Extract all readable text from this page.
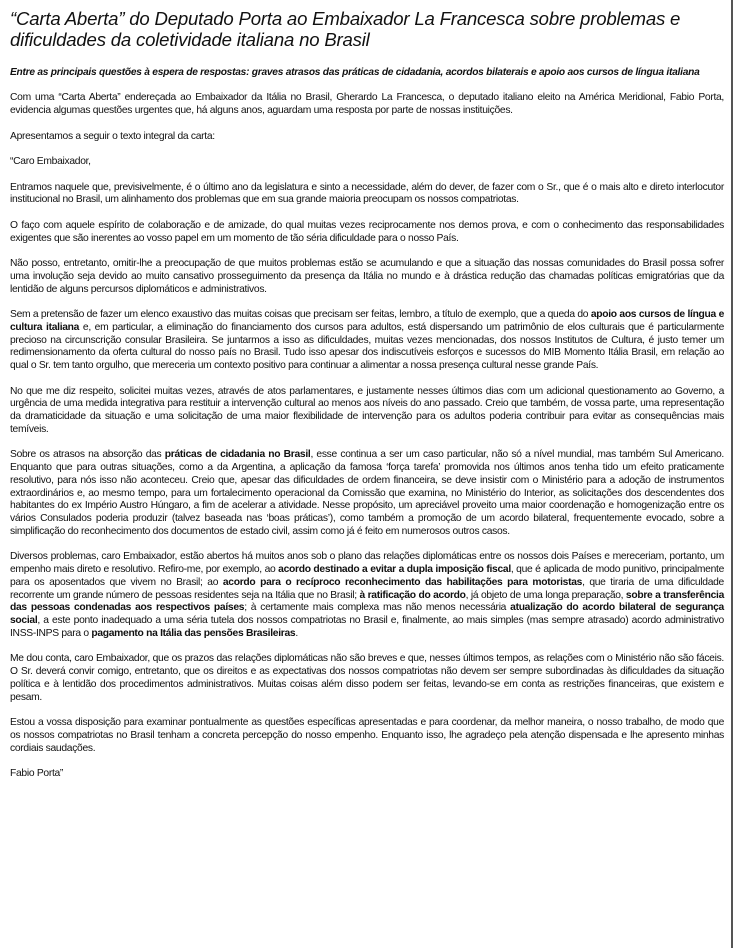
“Carta Aberta” do Deputado Porta ao Embaixador La Francesca sobre problemas e dificuldades da coletividade italiana no Brasil
Entre as principais questões à espera de respostas: graves atrasos das práticas de cidadania, acordos bilaterais e apoio aos cursos de língua italiana

Com uma “Carta Aberta” endereçada ao Embaixador da Itália no Brasil, Gherardo La Francesca, o deputado italiano eleito na América Meridional, Fabio Porta, evidencia algumas questões urgentes que, há alguns anos, aguardam uma resposta por parte de nossas instituições.

Apresentamos a seguir o texto integral da carta:

“Caro Embaixador,

Entramos naquele que, previsivelmente, é o último ano da legislatura e sinto a necessidade, além do dever, de fazer com o Sr., que é o mais alto e direto interlocutor institucional no Brasil, um alinhamento dos problemas que em sua grande maioria preocupam os nossos compatriotas.

O faço com aquele espírito de colaboração e de amizade, do qual muitas vezes reciprocamente nos demos prova, e com o conhecimento das responsabilidades exigentes que são inerentes ao vosso papel em um momento de tão séria dificuldade para o nosso País.

Não posso, entretanto, omitir-lhe a preocupação de que muitos problemas estão se acumulando e que a situação das nossas comunidades do Brasil possa sofrer uma involução seja devido ao muito cansativo prosseguimento da presença da Itália no mundo e à drástica redução das chamadas políticas emigratórias que da lentidão de alguns percursos diplomáticos e administrativos.

Sem a pretensão de fazer um elenco exaustivo das muitas coisas que precisam ser feitas, lembro, a título de exemplo, que a queda do apoio aos cursos de língua e cultura italiana e, em particular, a eliminação do financiamento dos cursos para adultos, está dispersando um patrimônio de elos culturais que é particularmente precioso na circunscrição consular Brasileira. Se juntarmos a isso as dificuldades, muitas vezes mencionadas, dos nossos Institutos de Cultura, é justo temer um redimensionamento da oferta cultural do nosso país no Brasil. Tudo isso apesar dos indiscutíveis esforços e sucessos do MIB Momento Itália Brasil, em relação ao qual o Sr. tem tanto orgulho, que mereceria um contexto positivo para continuar a alimentar a nossa presença cultural nesse grande País.

No que me diz respeito, solicitei muitas vezes, através de atos parlamentares, e justamente nesses últimos dias com um adicional questionamento ao Governo, a urgência de uma medida integrativa para restituir a intervenção cultural ao menos aos níveis do ano passado. Creio que também, de vossa parte, uma representação da dramaticidade da situação e uma solicitação de uma maior flexibilidade de intervenção para os adultos poderia contribuir para evitar as consequências mais temíveis.

Sobre os atrasos na absorção das práticas de cidadania no Brasil, esse continua a ser um caso particular, não só a nível mundial, mas também Sul Americano. Enquanto que para outras situações, como a da Argentina, a aplicação da famosa ‘força tarefa’ promovida nos últimos anos tenha tido um efeito praticamente resolutivo, para nós isso não aconteceu. Creio que, apesar das dificuldades de ordem financeira, se deve insistir com o Ministério para a adoção de instrumentos extraordinários e, ao mesmo tempo, para um fortalecimento operacional da Comissão que examina, no Ministério do Interior, as solicitações dos descendentes dos habitantes do ex Império Austro Húngaro, a fim de acelerar a atividade. Nesse propósito, um apreciável proveito uma maior coordenação e homogenização entre os vários Consulados poderia produzir (talvez baseada nas ‘boas práticas’), como também a promoção de um acordo bilateral, frequentemente evocado, sobre a simplificação do reconhecimento dos documentos de estado civil, assim como já é feito em numerosos outros casos.

Diversos problemas, caro Embaixador, estão abertos há muitos anos sob o plano das relações diplomáticas entre os nossos dois Países e mereceriam, portanto, um empenho mais direto e resolutivo. Refiro-me, por exemplo, ao acordo destinado a evitar a dupla imposição fiscal, que é aplicada de modo punitivo, principalmente para os aposentados que vivem no Brasil; ao acordo para o recíproco reconhecimento das habilitações para motoristas, que tiraria de uma dificuldade recorrente um grande número de pessoas residentes seja na Itália que no Brasil; à ratificação do acordo, já objeto de uma longa preparação, sobre a transferência das pessoas condenadas aos respectivos países; à certamente mais complexa mas não menos necessária atualização do acordo bilateral de segurança social, a este ponto inadequado a uma séria tutela dos nossos compatriotas no Brasil e, finalmente, ao mais simples (mas sempre atrasado) acordo administrativo INSS-INPS para o pagamento na Itália das pensões Brasileiras.

Me dou conta, caro Embaixador, que os prazos das relações diplomáticas não são breves e que, nesses últimos tempos, as relações com o Ministério não são fáceis. O Sr. deverá convir comigo, entretanto, que os direitos e as expectativas dos nossos compatriotas não devem ser sempre subordinadas às dificuldades da situação política e à lentidão dos procedimentos administrativos. Muitas coisas além disso podem ser feitas, levando-se em conta as restrições financeiras, que existem e pesam.

Estou a vossa disposição para examinar pontualmente as questões específicas apresentadas e para coordenar, da melhor maneira, o nosso trabalho, de modo que os nossos compatriotas no Brasil tenham a concreta percepção do nosso empenho. Enquanto isso, lhe agradeço pela atenção dispensada e lhe apresento minhas cordiais saudações.

Fabio Porta”
